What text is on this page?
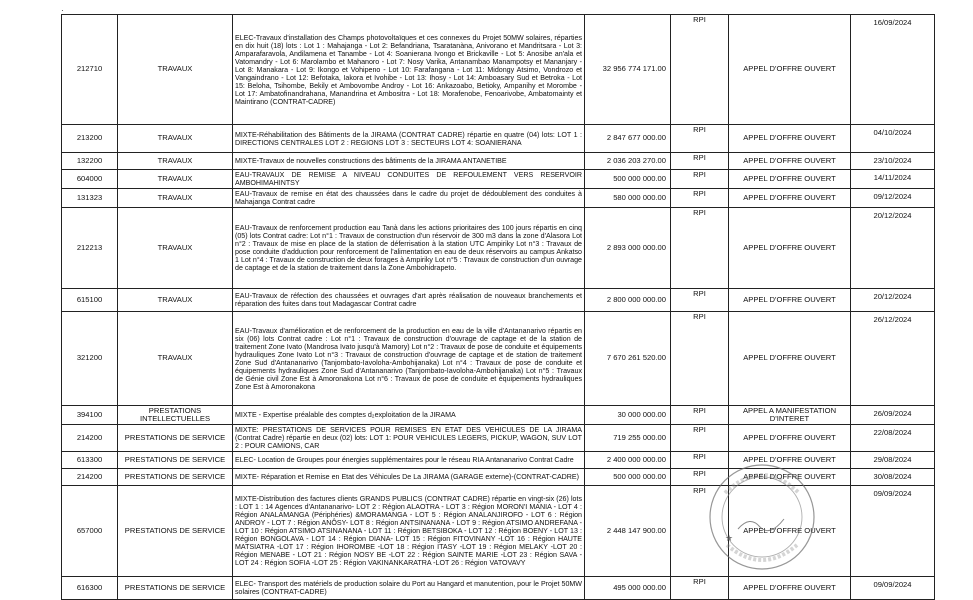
·
212710	TRAVAUX	ELEC-Travaux d'installation des Champs photovoltaïques et ces connexes du Projet 50MW solaires, réparties en dix huit (18) lots : Lot 1 : Mahajanga - Lot 2: Befandriana, Tsaratanàna, Anivorano et Mandritsara - Lot 3: Amparafaravola, Andilamena et Tanambe - Lot 4: Soanierana Ivongo et Brickaville - Lot 5: Anosibe an'ala et Vatomandry - Lot 6: Marolambo et Mahanoro - Lot 7: Nosy Varika, Antanambao Manampotsy et Mananjary - Lot 8: Manakara - Lot 9: Ikongo et Vohipeno - Lot 10: Farafangana - Lot 11: Midongy Atsimo, Vondrozo et Vangaindrano - Lot 12: Befotaka, Iakora et Ivohibe - Lot 13: Ihosy - Lot 14: Amboasary Sud et Betroka - Lot 15: Beloha, Tsihombe, Bekily et Ambovombe Androy - Lot 16: Ankazoabo, Betioky, Ampanihy et Morombe - Lot 17: Ambatofinandrahana, Manandrina et Ambositra - Lot 18: Morafenobe, Fenoarivobe, Ambatomainty et Maintirano (CONTRAT-CADRE)	32 956 774 171.00	RPI	APPEL D'OFFRE OUVERT	16/09/2024
213200	TRAVAUX	MIXTE-Réhabilitation des Bâtiments de la JIRAMA (CONTRAT CADRE) répartie en quatre (04) lots: LOT 1 : DIRECTIONS CENTRALES LOT 2 : REGIONS LOT 3 : SECTEURS LOT 4: SOANIERANA	2 847 677 000.00	RPI	APPEL D'OFFRE OUVERT	04/10/2024
132200	TRAVAUX	MIXTE-Travaux de nouvelles constructions des bâtiments de la JIRAMA ANTANETIBE	2 036 203 270.00	RPI	APPEL D'OFFRE OUVERT	23/10/2024
604000	TRAVAUX	EAU-TRAVAUX DE REMISE A NIVEAU CONDUITES DE REFOULEMENT VERS RESERVOIR AMBOHIMAHINTSY	500 000 000.00	RPI	APPEL D'OFFRE OUVERT	14/11/2024
131323	TRAVAUX	EAU-Travaux de remise en état des chaussées dans le cadre du projet de dédoublement des conduites à Mahajanga Contrat cadre	580 000 000.00	RPI	APPEL D'OFFRE OUVERT	09/12/2024
212213	TRAVAUX	EAU-Travaux de renforcement production eau Tanà dans les actions prioritaires des 100 jours répartis en cinq (05) lots Contrat cadre: Lot n°1 : Travaux de construction d'un réservoir de 300 m3 dans la zone d'Alasora Lot n°2 : Travaux de mise en place de la station de déferrisation à la station UTC Ampiriky Lot n°3 : Travaux de pose conduite d'adduction pour renforcement de l'alimentation en eau de deux réservoirs au campus Ankatso 1 Lot n°4 : Travaux de construction de deux forages à Ampiriky Lot n°5 : Travaux de construction d'un ouvrage de captage et de la station de traitement dans la Zone Ambohidrapeto.	2 893 000 000.00	RPI	APPEL D'OFFRE OUVERT	20/12/2024
615100	TRAVAUX	EAU-Travaux de réfection des chaussées et ouvrages d'art après réalisation de nouveaux branchements et réparation des fuites dans tout Madagascar Contrat cadre	2 800 000 000.00	RPI	APPEL D'OFFRE OUVERT	20/12/2024
321200	TRAVAUX	EAU-Travaux d'amélioration et de renforcement de la production en eau de la ville d'Antananarivo répartis en six (06) lots Contrat cadre : Lot n°1 : Travaux de construction d'ouvrage de captage et de la station de traitement Zone Ivato (Mandrosa Ivato jusqu'à Mamory) Lot n°2 : Travaux de pose de conduite et équipements hydrauliques Zone Ivato Lot n°3 : Travaux de construction d'ouvrage de captage et de station de traitement Zone Sud d'Antananarivo (Tanjombato-Iavoloha-Ambohijanaka) Lot n°4 : Travaux de pose de conduite et équipements hydrauliques Zone Sud d'Antananarivo (Tanjombato-Iavoloha-Ambohijanaka) Lot n°5 : Travaux de Génie civil Zone Est à Amoronakona Lot n°6 : Travaux de pose de conduite et équipements hydrauliques Zone Est à Amoronakona	7 670 261 520.00	RPI	APPEL D'OFFRE OUVERT	26/12/2024
394100	PRESTATIONS INTELLECTUELLES	MIXTE - Expertise préalable des comptes d₂exploitation de la JIRAMA	30 000 000.00	RPI	APPEL A MANIFESTATION D'INTERET	26/09/2024
214200	PRESTATIONS DE SERVICE	MIXTE: PRESTATIONS DE SERVICES POUR REMISES EN ETAT DES VEHICULES DE LA JIRAMA (Contrat Cadre) répartie en deux (02) lots: LOT 1: POUR VEHICULES LEGERS, PICKUP, WAGON, SUV LOT 2 : POUR CAMIONS, CAR	719 255 000.00	RPI	APPEL D'OFFRE OUVERT	22/08/2024
613300	PRESTATIONS DE SERVICE	ELEC- Location de Groupes pour énergies supplémentaires pour le réseau RIA Antananarivo Contrat Cadre	2 400 000 000.00	RPI	APPEL D'OFFRE OUVERT	29/08/2024
214200	PRESTATIONS DE SERVICE	MIXTE- Réparation et Remise en Etat des Véhicules De La JIRAMA (GARAGE externe)-(CONTRAT-CADRE)	500 000 000.00	RPI	APPEL D'OFFRE OUVERT	30/08/2024
657000	PRESTATIONS DE SERVICE	MIXTE-Distribution des factures clients GRANDS PUBLICS (CONTRAT CADRE) répartie en vingt-six (26) lots : LOT 1 : 14 Agences d'Antananarivo- LOT 2 : Région ALAOTRA - LOT 3 : Région MORON'I MANIA - LOT 4 : Région ANALAMANGA (Périphéries) &MORAMANGA - LOT 5 : Région ANALANJIROFO - LOT 6 : Région ANDROY - LOT 7 : Région ANÔSY- LOT 8 : Région ANTSINANANA - LOT 9 : Région ATSIMO ANDREFANA - LOT 10 : Région ATSIMO ATSINANANA - LOT 11 : Région BETSIBOKA - LOT 12 : Région BOENY - LOT 13 : Région BONGOLAVA - LOT 14 : Région DIANA- LOT 15 : Région FITOVINANY -LOT 16 : Région HAUTE MATSIATRA -LOT 17 : Région IHOROMBE -LOT 18 : Région ITASY -LOT 19 : Région MELAKY -LOT 20 : Région MENABE - LOT 21 : Région NOSY BE -LOT 22 : Région SAINTE MARIE -LOT 23 : Région SAVA -LOT 24 : Région SOFIA -LOT 25 : Région VAKINANKARATRA -LOT 26 : Région VATOVAVY	2 448 147 900.00	RPI	APPEL D'OFFRE OUVERT	09/09/2024
616300	PRESTATIONS DE SERVICE	ELEC- Transport des matériels de production solaire du Port au Hangard et manutention, pour le Projet 50MW solaires (CONTRAT-CADRE)	495 000 000.00	RPI	APPEL D'OFFRE OUVERT	09/09/2024
★
